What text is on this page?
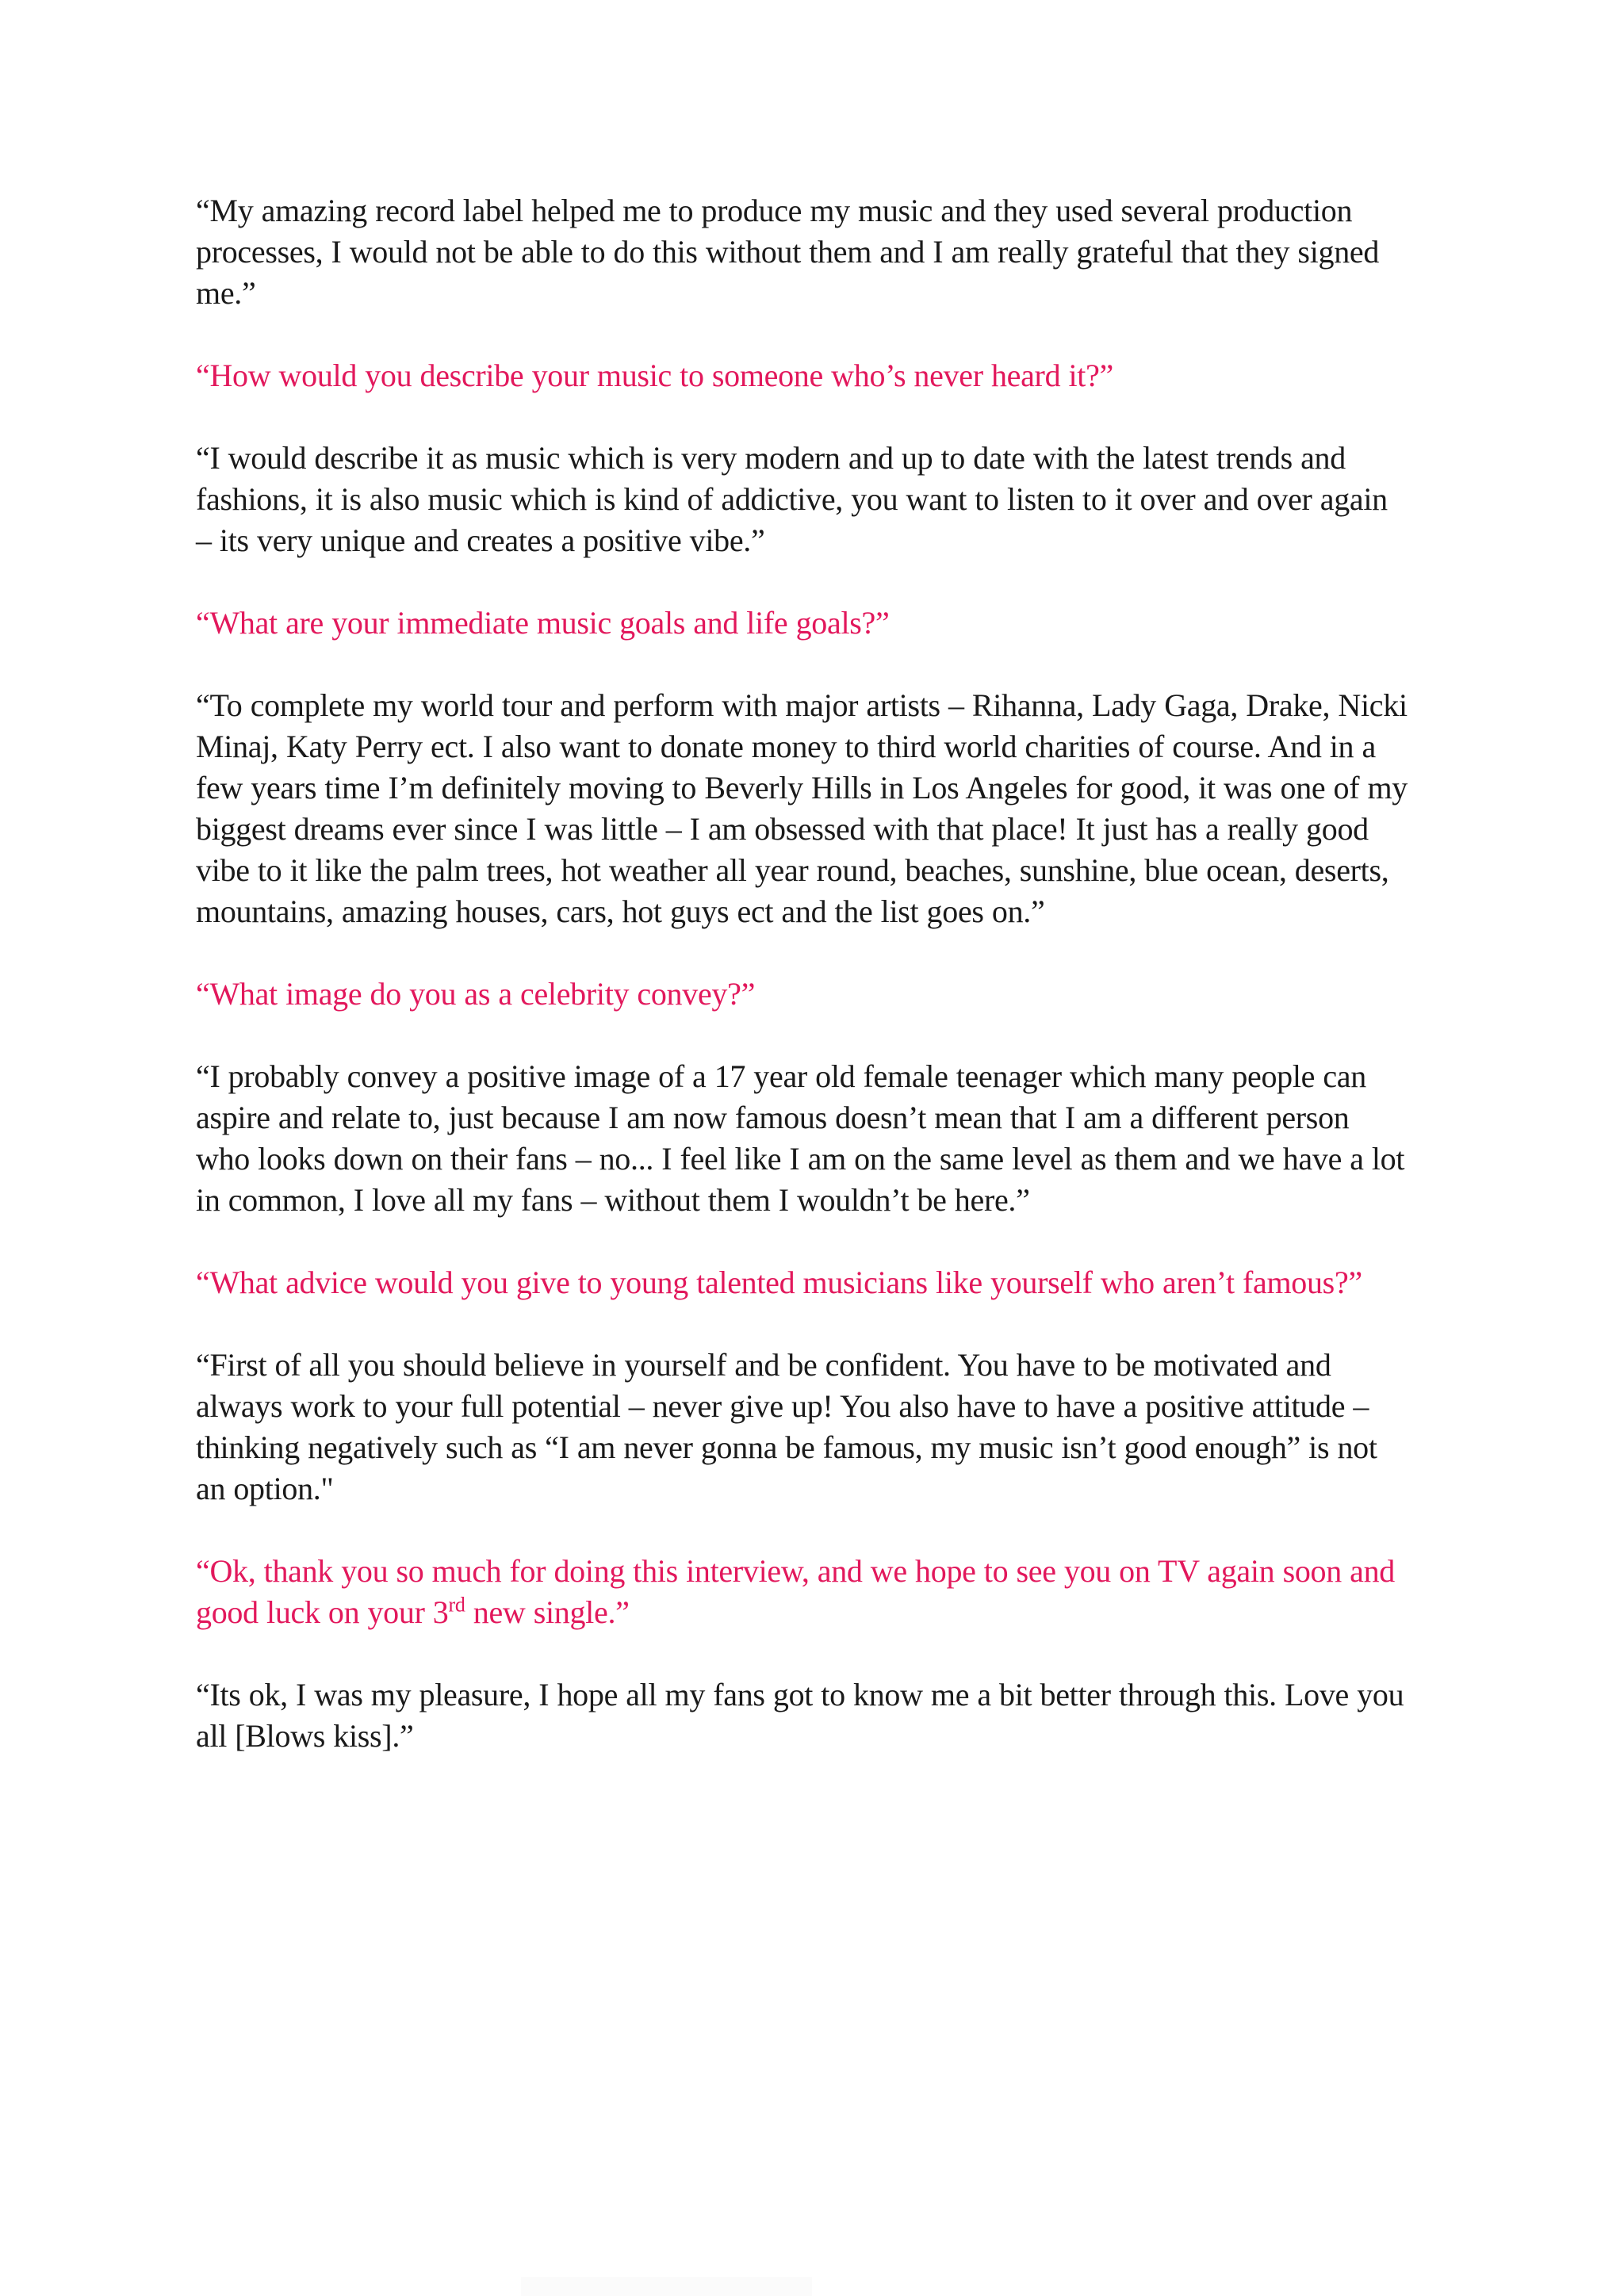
“My amazing record label helped me to produce my music and they used several production processes, I would not be able to do this without them and I am really grateful that they signed me.”

“How would you describe your music to someone who’s never heard it?”

“I would describe it as music which is very modern and up to date with the latest trends and fashions, it is also music which is kind of addictive, you want to listen to it over and over again – its very unique and creates a positive vibe.”

“What are your immediate music goals and life goals?”

“To complete my world tour and perform with major artists – Rihanna, Lady Gaga, Drake, Nicki Minaj, Katy Perry ect. I also want to donate money to third world charities of course. And in a few years time I’m definitely moving to Beverly Hills in Los Angeles for good, it was one of my biggest dreams ever since I was little – I am obsessed with that place! It just has a really good vibe to it like the palm trees, hot weather all year round, beaches, sunshine, blue ocean, deserts, mountains, amazing houses, cars, hot guys ect and the list goes on.”

“What image do you as a celebrity convey?”

“I probably convey a positive image of a 17 year old female teenager which many people can aspire and relate to, just because I am now famous doesn’t mean that I am a different person who looks down on their fans – no... I feel like I am on the same level as them and we have a lot in common, I love all my fans – without them I wouldn’t be here.”

“What advice would you give to young talented musicians like yourself who aren’t famous?”

“First of all you should believe in yourself and be confident. You have to be motivated and always work to your full potential – never give up! You also have to have a positive attitude – thinking negatively such as “I am never gonna be famous, my music isn’t good enough” is not an option."

“Ok, thank you so much for doing this interview, and we hope to see you on TV again soon and good luck on your 3rd new single.”

“Its ok, I was my pleasure, I hope all my fans got to know me a bit better through this. Love you all [Blows kiss].”
